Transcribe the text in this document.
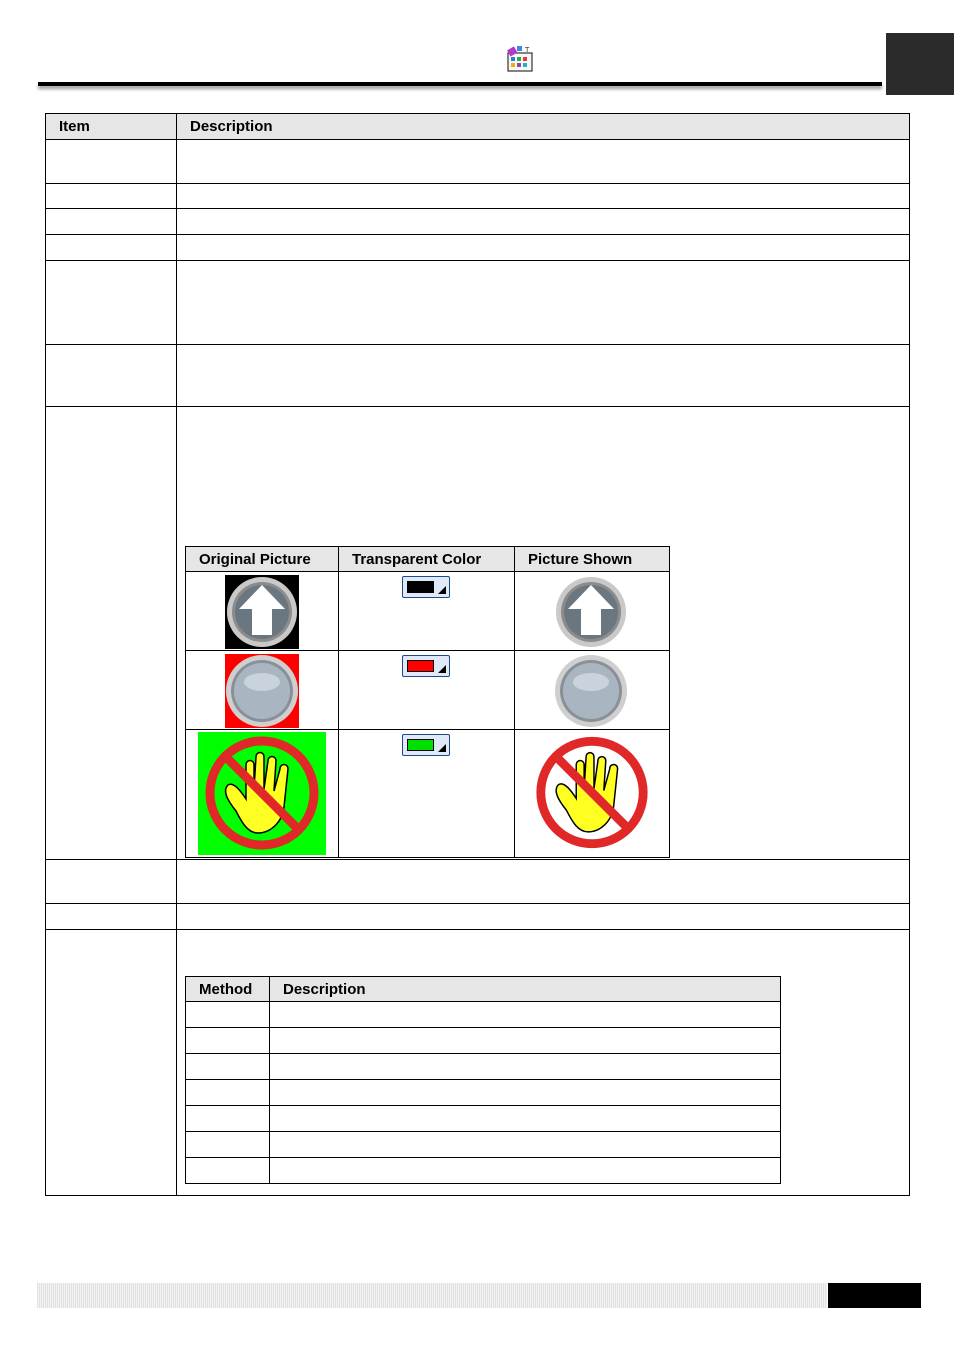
T
Item	Description

Original Picture	Transparent Color	Picture Shown

Method	Description
